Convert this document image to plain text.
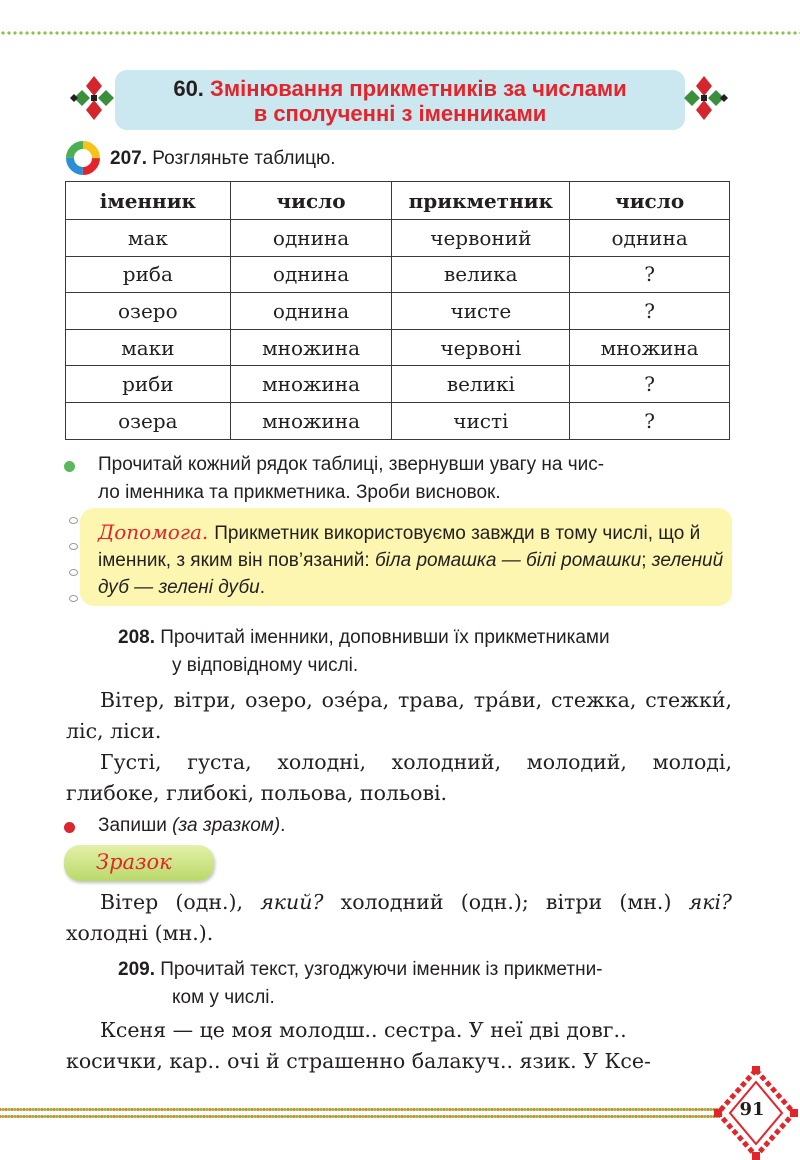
60. Змінювання прикметників за числами
в сполученні з іменниками
207. Розгляньте таблицю.
іменник	число	прикметник	число
мак	однина	червоний	однина
риба	однина	велика	?
озеро	однина	чисте	?
маки	множина	червоні	множина
риби	множина	великі	?
озера	множина	чисті	?
Прочитай кожний рядок таблиці, звернувши увагу на чис-
ло іменника та прикметника. Зроби висновок.
Допомога. Прикметник використовуємо завжди в тому числі, що й іменник, з яким він пов’язаний: біла ромашка — білі ромашки; зелений дуб — зелені дуби.
208. Прочитай іменники, доповнивши їх прикметниками
у відповідному числі.
Вітер, вітри, озеро, озе́ра, трава, тра́ви, стежка, стежки́, ліс, ліси.
Густі, густа, холодні, холодний, молодий, молоді, глибоке, глибокі, польова, польові.
Запиши (за зразком).
Зразок
Вітер (одн.), який? холодний (одн.); вітри (мн.) які? холодні (мн.).
209. Прочитай текст, узгоджуючи іменник із прикметни-
ком у числі.
Ксеня — це моя молодш.. сестра. У неї дві довг..
косички, кар.. очі й страшенно балакуч.. язик. У Ксе-
91
